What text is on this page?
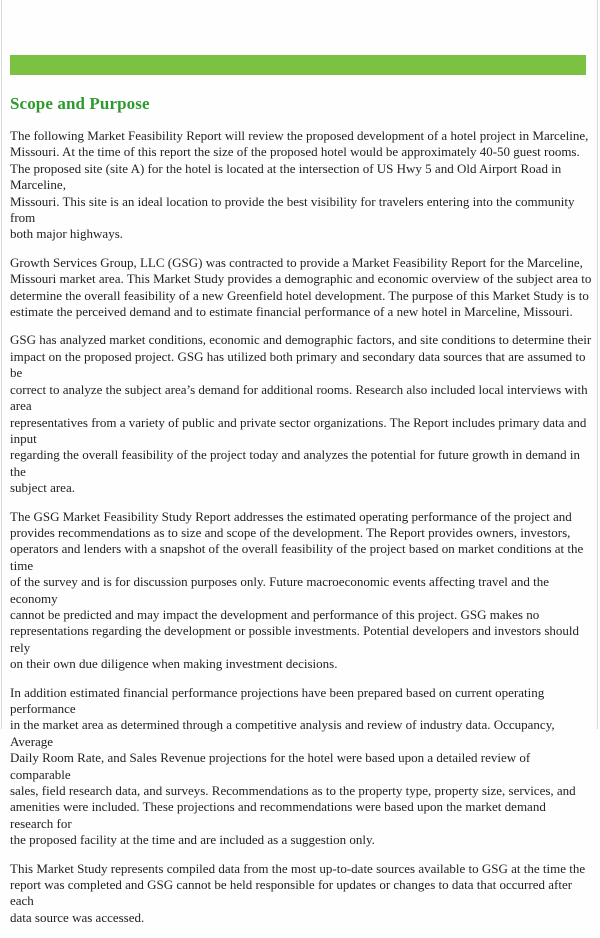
Scope and Purpose

The following Market Feasibility Report will review the proposed development of a hotel project in Marceline,
Missouri. At the time of this report the size of the proposed hotel would be approximately 40-50 guest rooms.
The proposed site (site A) for the hotel is located at the intersection of US Hwy 5 and Old Airport Road in Marceline,
Missouri. This site is an ideal location to provide the best visibility for travelers entering into the community from
both major highways.

Growth Services Group, LLC (GSG) was contracted to provide a Market Feasibility Report for the Marceline,
Missouri market area. This Market Study provides a demographic and economic overview of the subject area to
determine the overall feasibility of a new Greenfield hotel development. The purpose of this Market Study is to
estimate the perceived demand and to estimate financial performance of a new hotel in Marceline, Missouri.

GSG has analyzed market conditions, economic and demographic factors, and site conditions to determine their
impact on the proposed project. GSG has utilized both primary and secondary data sources that are assumed to be
correct to analyze the subject area’s demand for additional rooms. Research also included local interviews with area
representatives from a variety of public and private sector organizations. The Report includes primary data and input
regarding the overall feasibility of the project today and analyzes the potential for future growth in demand in the
subject area.

The GSG Market Feasibility Study Report addresses the estimated operating performance of the project and
provides recommendations as to size and scope of the development. The Report provides owners, investors,
operators and lenders with a snapshot of the overall feasibility of the project based on market conditions at the time
of the survey and is for discussion purposes only. Future macroeconomic events affecting travel and the economy
cannot be predicted and may impact the development and performance of this project. GSG makes no
representations regarding the development or possible investments. Potential developers and investors should rely
on their own due diligence when making investment decisions.

In addition estimated financial performance projections have been prepared based on current operating performance
in the market area as determined through a competitive analysis and review of industry data. Occupancy, Average
Daily Room Rate, and Sales Revenue projections for the hotel were based upon a detailed review of comparable
sales, field research data, and surveys. Recommendations as to the property type, property size, services, and
amenities were included. These projections and recommendations were based upon the market demand research for
the proposed facility at the time and are included as a suggestion only.

This Market Study represents compiled data from the most up-to-date sources available to GSG at the time the
report was completed and GSG cannot be held responsible for updates or changes to data that occurred after each
data source was accessed.
